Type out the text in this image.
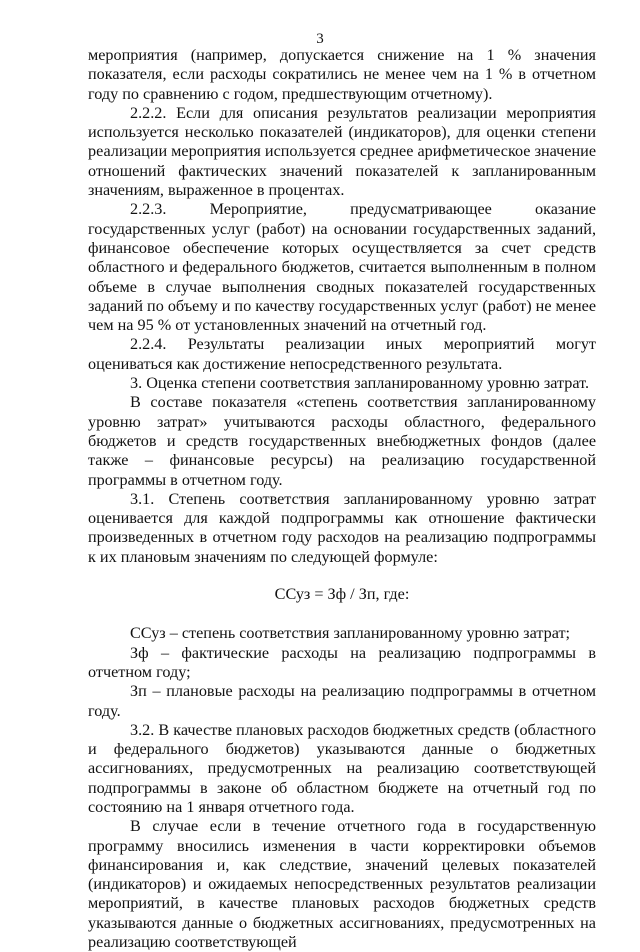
3

мероприятия (например, допускается снижение на 1 % значения показателя, если расходы сократились не менее чем на 1 % в отчетном году по сравнению с годом, предшествующим отчетному).

2.2.2. Если для описания результатов реализации мероприятия используется несколько показателей (индикаторов), для оценки степени реализации мероприятия используется среднее арифметическое значение отношений фактических значений показателей к запланированным значениям, выраженное в процентах.

2.2.3. Мероприятие, предусматривающее оказание государственных услуг (работ) на основании государственных заданий, финансовое обеспечение которых осуществляется за счет средств областного и федерального бюджетов, считается выполненным в полном объеме в случае выполнения сводных показателей государственных заданий по объему и по качеству государственных услуг (работ) не менее чем на 95 % от установленных значений на отчетный год.

2.2.4. Результаты реализации иных мероприятий могут оцениваться как достижение непосредственного результата.

3. Оценка степени соответствия запланированному уровню затрат.

В составе показателя «степень соответствия запланированному уровню затрат» учитываются расходы областного, федерального бюджетов и средств государственных внебюджетных фондов (далее также – финансовые ресурсы) на реализацию государственной программы в отчетном году.

3.1. Степень соответствия запланированному уровню затрат оценивается для каждой подпрограммы как отношение фактически произведенных в отчетном году расходов на реализацию подпрограммы к их плановым значениям по следующей формуле:

ССуз = Зф / Зп, где:

ССуз – степень соответствия запланированному уровню затрат;

Зф – фактические расходы на реализацию подпрограммы в отчетном году;

Зп – плановые расходы на реализацию подпрограммы в отчетном году.

3.2. В качестве плановых расходов бюджетных средств (областного и федерального бюджетов) указываются данные о бюджетных ассигнованиях, предусмотренных на реализацию соответствующей подпрограммы в законе об областном бюджете на отчетный год по состоянию на 1 января отчетного года.

В случае если в течение отчетного года в государственную программу вносились изменения в части корректировки объемов финансирования и, как следствие, значений целевых показателей (индикаторов) и ожидаемых непосредственных результатов реализации мероприятий, в качестве плановых расходов бюджетных средств указываются данные о бюджетных ассигнованиях, предусмотренных на реализацию соответствующей
